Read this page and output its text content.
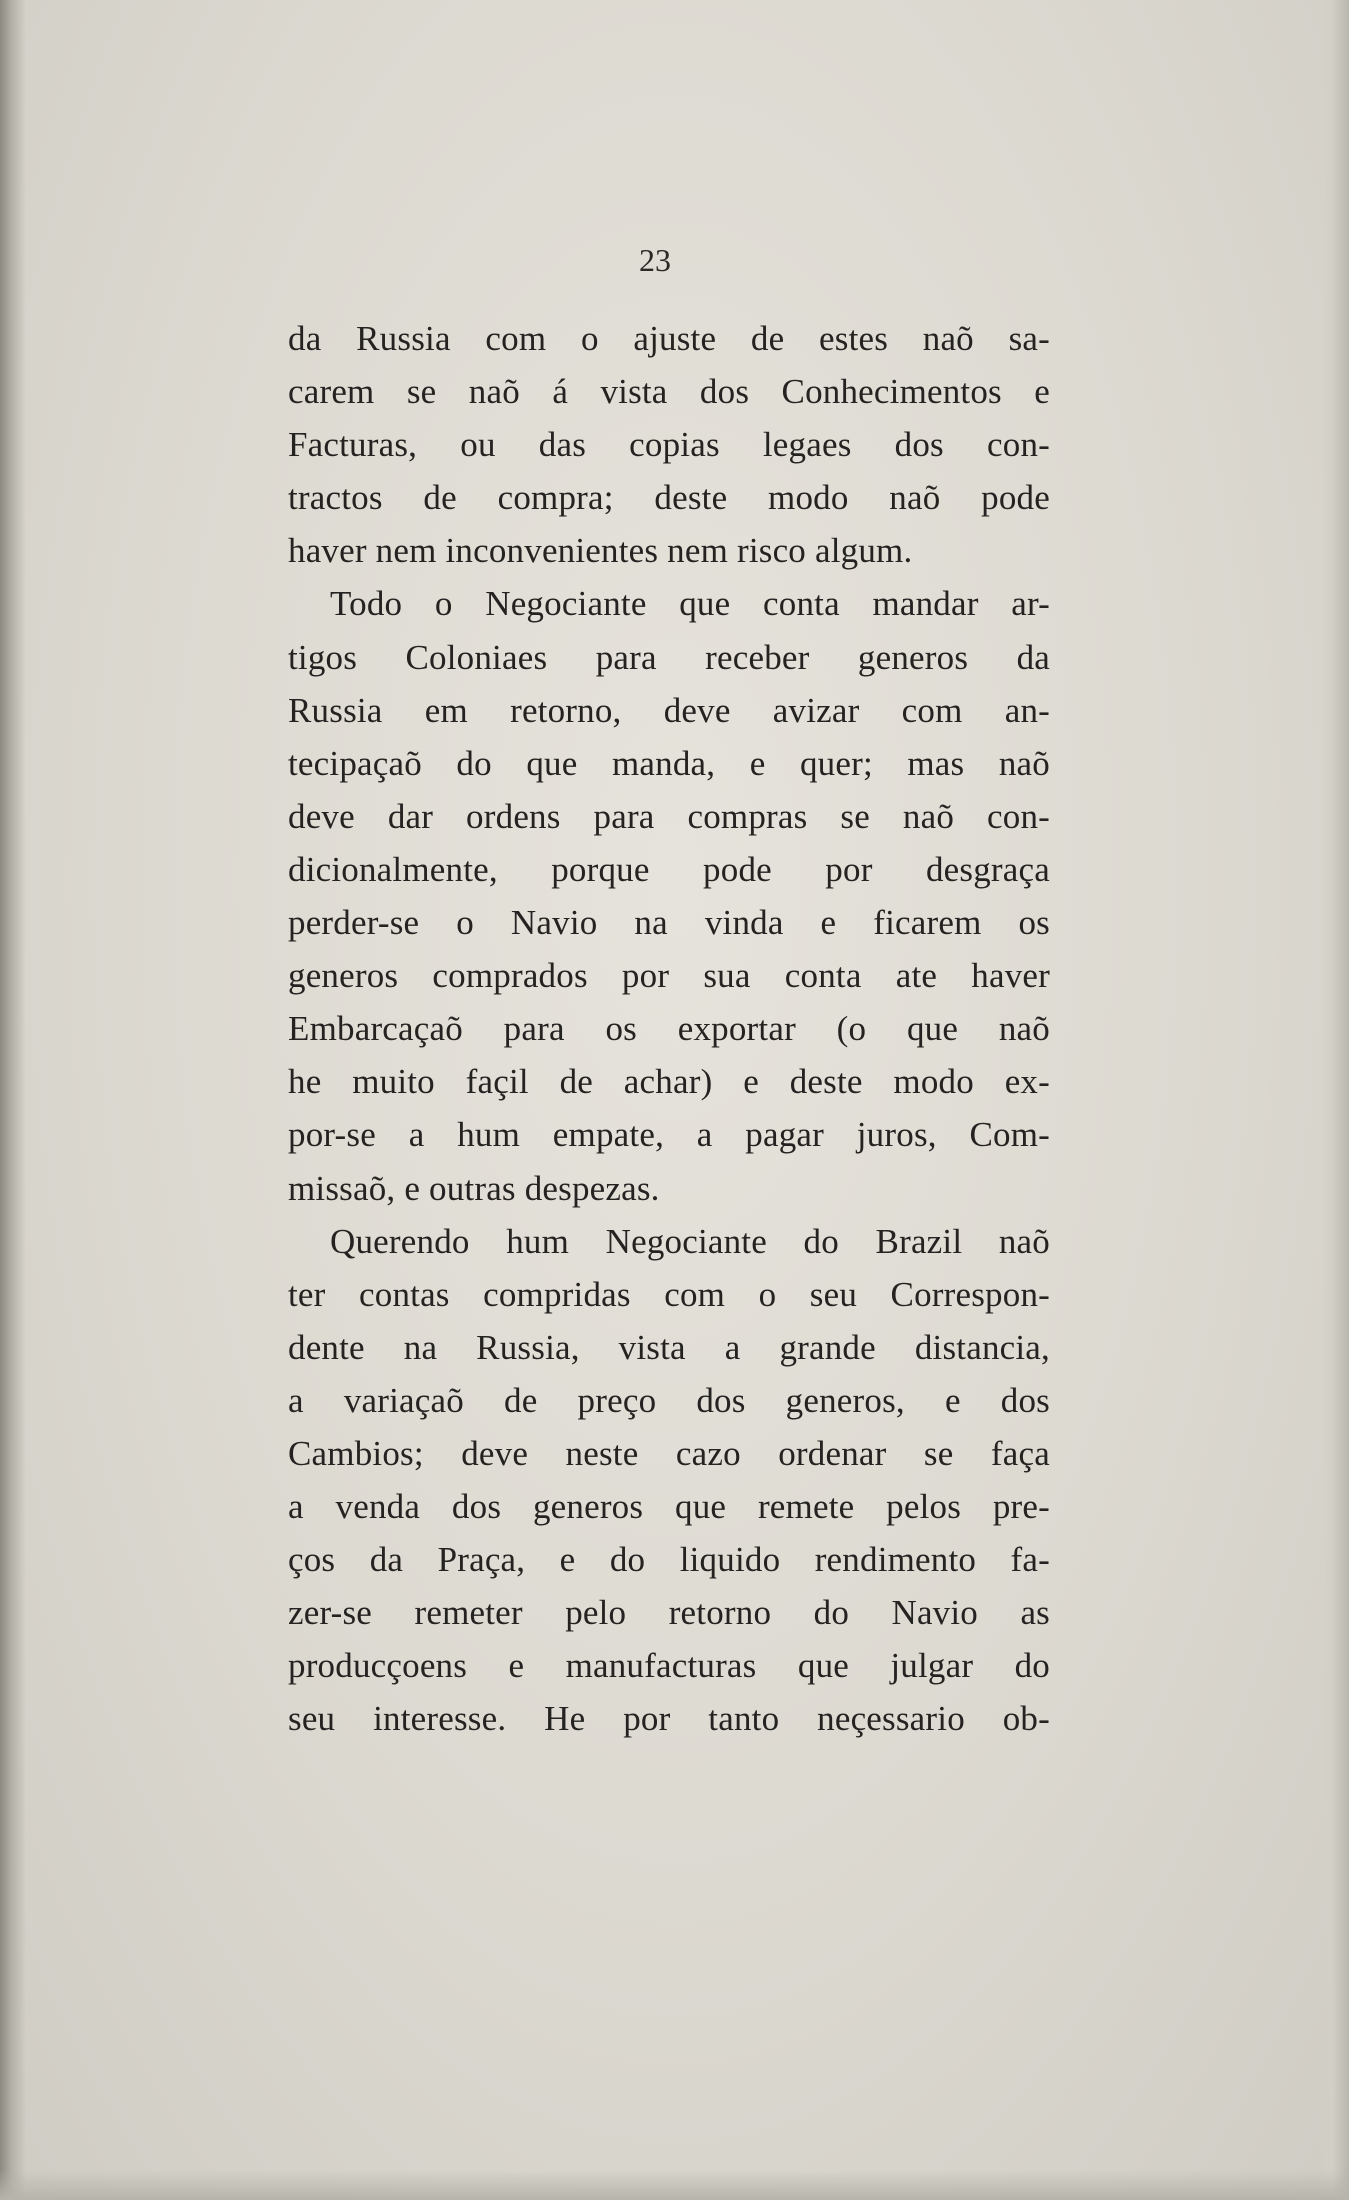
23
da Russia com o ajuste de estes naõ sa-
carem se naõ á vista dos Conhecimentos e
Facturas, ou das copias legaes dos con-
tractos de compra; deste modo naõ pode
haver nem inconvenientes nem risco algum.
Todo o Negociante que conta mandar ar-
tigos Coloniaes para receber generos da
Russia em retorno, deve avizar com an-
tecipaçaõ do que manda, e quer; mas naõ
deve dar ordens para compras se naõ con-
dicionalmente, porque pode por desgraça
perder-se o Navio na vinda e ficarem os
generos comprados por sua conta ate haver
Embarcaçaõ para os exportar (o que naõ
he muito façil de achar) e deste modo ex-
por-se a hum empate, a pagar juros, Com-
missaõ, e outras despezas.
Querendo hum Negociante do Brazil naõ
ter contas compridas com o seu Correspon-
dente na Russia, vista a grande distancia,
a variaçaõ de preço dos generos, e dos
Cambios; deve neste cazo ordenar se faça
a venda dos generos que remete pelos pre-
ços da Praça, e do liquido rendimento fa-
zer-se remeter pelo retorno do Navio as
producçoens e manufacturas que julgar do
seu interesse. He por tanto neçessario ob-
